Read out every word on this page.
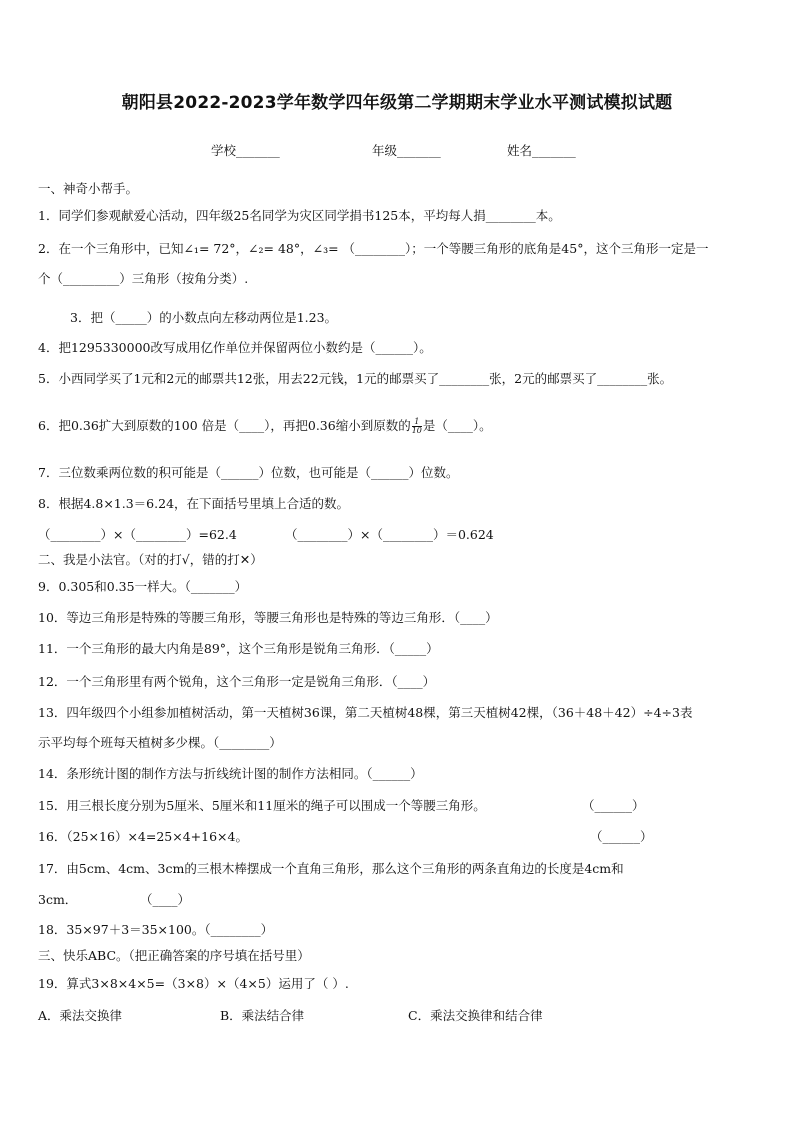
朝阳县2022-2023学年数学四年级第二学期期末学业水平测试模拟试题
学校_______	年级_______	姓名_______
一、神奇小帮手。
1．同学们参观献爱心活动，四年级25名同学为灾区同学捐书125本，平均每人捐________本。
2．在一个三角形中，已知∠₁= 72°，∠₂= 48°，∠₃= （________）；一个等腰三角形的底角是45°，这个三角形一定是一
个（_________）三角形（按角分类）.
3．把（_____）的小数点向左移动两位是1.23。
4．把1295330000改写成用亿作单位并保留两位小数约是（______）。
5．小西同学买了1元和2元的邮票共12张，用去22元钱，1元的邮票买了________张，2元的邮票买了________张。
6．把0.36扩大到原数的100 倍是（____），再把0.36缩小到原数的 $\frac{1}{10}$ 是（____）。
7．三位数乘两位数的积可能是（______）位数，也可能是（______）位数。
8．根据4.8×1.3＝6.24，在下面括号里填上合适的数。
（________）×（________）=62.4	（________）×（________）＝0.624
二、我是小法官。（对的打√，错的打✕）
9．0.305和0.35一样大。（_______）
10．等边三角形是特殊的等腰三角形，等腰三角形也是特殊的等边三角形．（____）
11．一个三角形的最大内角是89°，这个三角形是锐角三角形．（_____）
12．一个三角形里有两个锐角，这个三角形一定是锐角三角形．（____）
13．四年级四个小组参加植树活动，第一天植树36课，第二天植树48棵，第三天植树42棵，（36＋48＋42）÷4÷3表
示平均每个班每天植树多少棵。（________）
14．条形统计图的制作方法与折线统计图的制作方法相同。（______）
15．用三根长度分别为5厘米、5厘米和11厘米的绳子可以围成一个等腰三角形。	（______）
16．（25×16）×4=25×4+16×4。	（______）
17．由5cm、4cm、3cm的三根木棒摆成一个直角三角形，那么这个三角形的两条直角边的长度是4cm和
3cm．	（____）
18．35×97＋3＝35×100。（________）
三、快乐ABC。（把正确答案的序号填在括号里）
19．算式3×8×4×5=（3×8）×（4×5）运用了（ ）.
A．乘法交换律	B．乘法结合律	C．乘法交换律和结合律
